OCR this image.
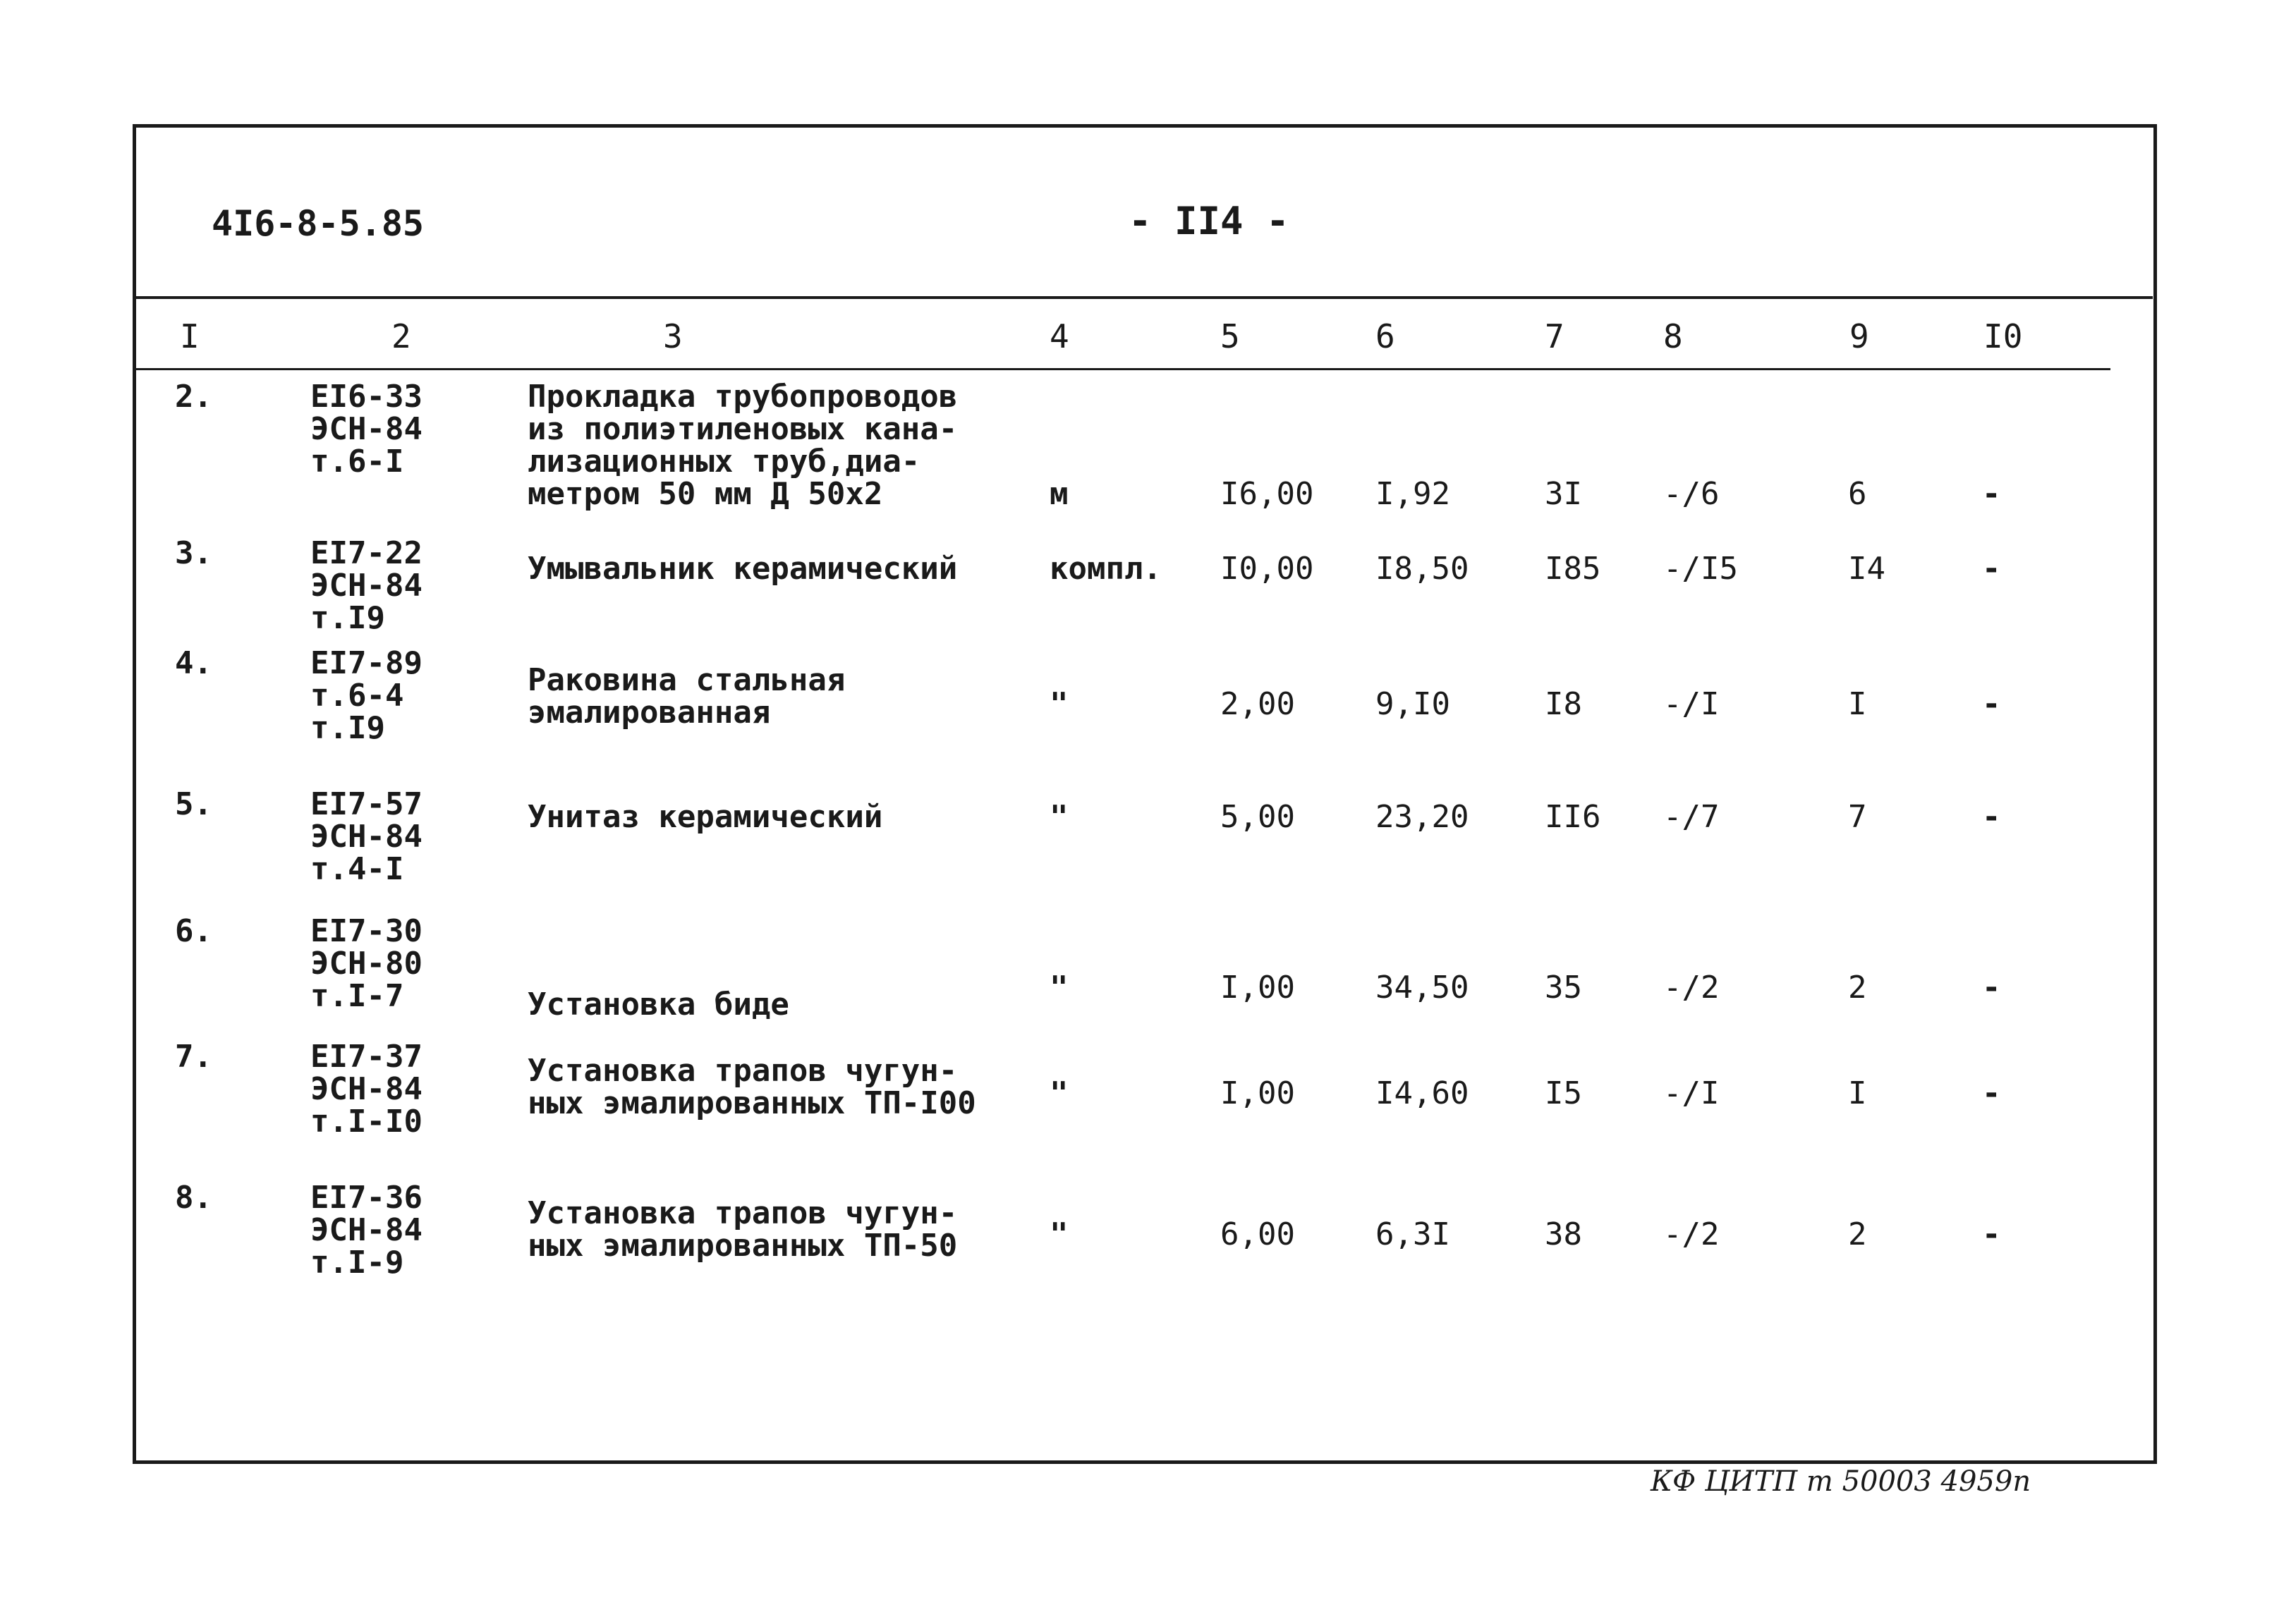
4I6-8-5.85	- II4 -
I	2	3	4	5	6	7	8	9	I0
2.	EI6-33
ЭСН-84
т.6-I
Прокладка трубопроводов
из полиэтиленовых кана-
лизационных труб,диа-
метром 50 мм Д 50х2	м	I6,00 I,92	3I	-/6	6	-
3.	EI7-22
ЭСН-84
т.I9
Умывальник керамический	компл. I0,00 I8,50 I85 -/I5	I4	-
4.	EI7-89
т.6-4
т.I9
Раковина стальная
эмалированная	"	2,00	9,I0	I8	-/I	I	-
5.	EI7-57
ЭСН-84
т.4-I
Унитаз керамический	"	5,00	23,20 II6 -/7	7	-
6.	EI7-30
ЭСН-80
т.I-7	Установка биде	"	I,00	34,50 35	-/2	2	-
7.	EI7-37
ЭСН-84
т.I-I0
Установка трапов чугун-
ных эмалированных ТП-I00 "	I,00	I4,60 I5	-/I	I	-
8.	EI7-36
ЭСН-84
т.I-9
Установка трапов чугун-
ных эмалированных ТП-50	"	6,00	6,3I	38	-/2	2	-
КФ ЦИТП т 50003 4959п
